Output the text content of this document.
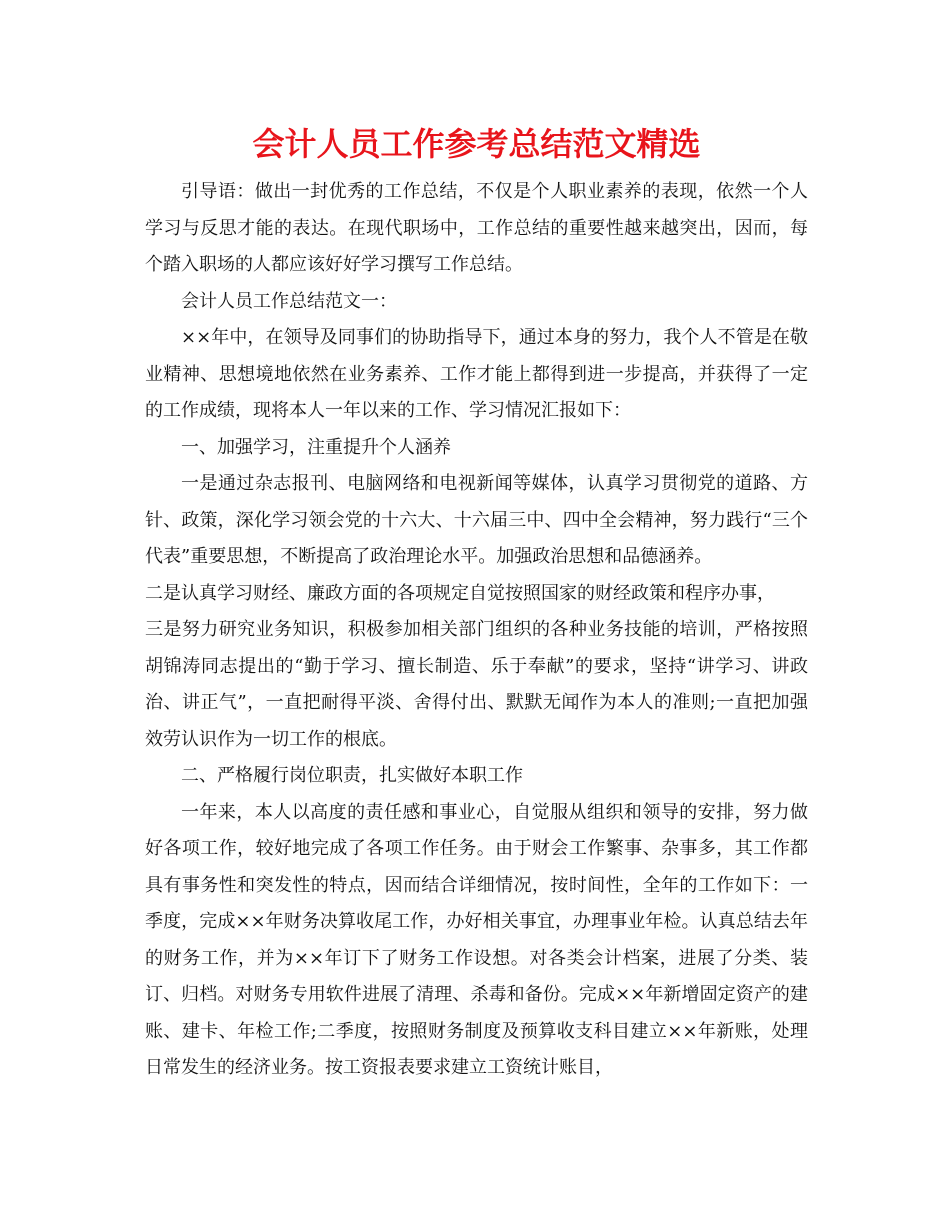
会计人员工作参考总结范文精选

引导语：做出一封优秀的工作总结，不仅是个人职业素养的表现，依然一个人学习与反思才能的表达。在现代职场中，工作总结的重要性越来越突出，因而，每个踏入职场的人都应该好好学习撰写工作总结。

会计人员工作总结范文一：

××年中，在领导及同事们的协助指导下，通过本身的努力，我个人不管是在敬业精神、思想境地依然在业务素养、工作才能上都得到进一步提高，并获得了一定的工作成绩，现将本人一年以来的工作、学习情况汇报如下：

一、加强学习，注重提升个人涵养

一是通过杂志报刊、电脑网络和电视新闻等媒体，认真学习贯彻党的道路、方针、政策，深化学习领会党的十六大、十六届三中、四中全会精神，努力践行“三个代表”重要思想，不断提高了政治理论水平。加强政治思想和品德涵养。

二是认真学习财经、廉政方面的各项规定自觉按照国家的财经政策和程序办事，

三是努力研究业务知识，积极参加相关部门组织的各种业务技能的培训，严格按照胡锦涛同志提出的“勤于学习、擅长制造、乐于奉献”的要求，坚持“讲学习、讲政治、讲正气”，一直把耐得平淡、舍得付出、默默无闻作为本人的准则;一直把加强效劳认识作为一切工作的根底。

二、严格履行岗位职责，扎实做好本职工作

一年来，本人以高度的责任感和事业心，自觉服从组织和领导的安排，努力做好各项工作，较好地完成了各项工作任务。由于财会工作繁事、杂事多，其工作都具有事务性和突发性的特点，因而结合详细情况，按时间性，全年的工作如下：一季度，完成××年财务决算收尾工作，办好相关事宜，办理事业年检。认真总结去年的财务工作，并为××年订下了财务工作设想。对各类会计档案，进展了分类、装订、归档。对财务专用软件进展了清理、杀毒和备份。完成××年新增固定资产的建账、建卡、年检工作;二季度，按照财务制度及预算收支科目建立××年新账，处理日常发生的经济业务。按工资报表要求建立工资统计账目，
